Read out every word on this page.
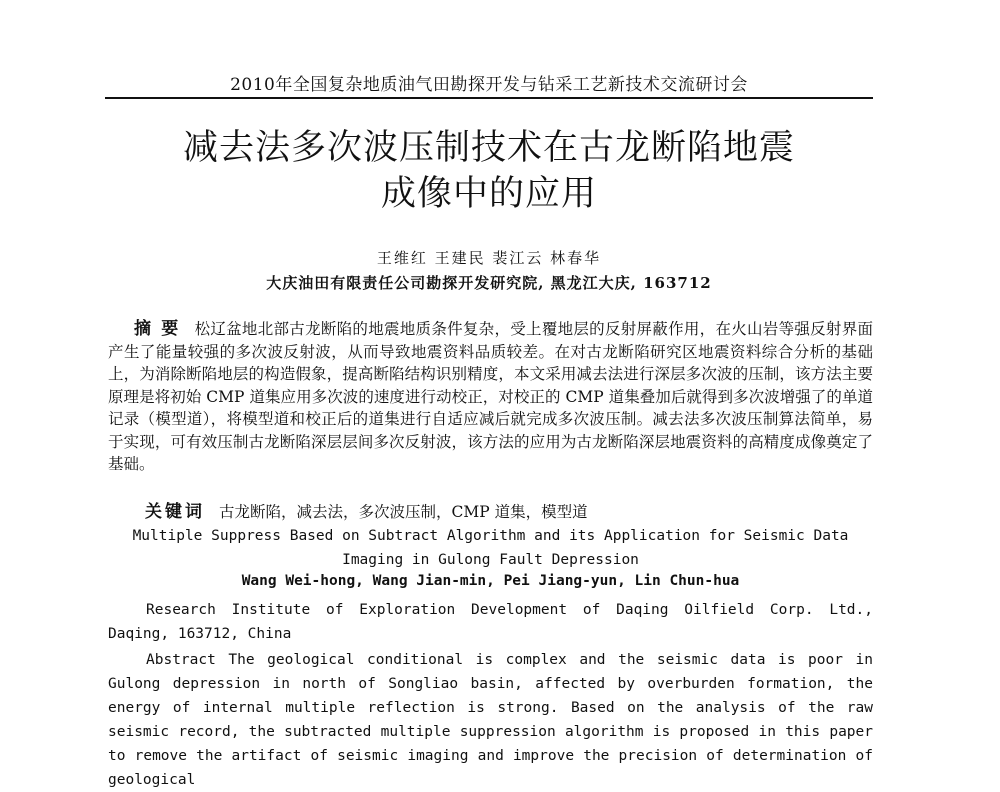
2010年全国复杂地质油气田勘探开发与钻采工艺新技术交流研讨会
减去法多次波压制技术在古龙断陷地震
成像中的应用
王维红 王建民 裴江云 林春华
大庆油田有限责任公司勘探开发研究院, 黑龙江大庆, 163712
摘要 松辽盆地北部古龙断陷的地震地质条件复杂，受上覆地层的反射屏蔽作用，在火山岩等强反射界面产生了能量较强的多次波反射波，从而导致地震资料品质较差。在对古龙断陷研究区地震资料综合分析的基础上，为消除断陷地层的构造假象，提高断陷结构识别精度，本文采用减去法进行深层多次波的压制，该方法主要原理是将初始 CMP 道集应用多次波的速度进行动校正，对校正的 CMP 道集叠加后就得到多次波增强了的单道记录（模型道），将模型道和校正后的道集进行自适应减后就完成多次波压制。减去法多次波压制算法简单，易于实现，可有效压制古龙断陷深层层间多次反射波，该方法的应用为古龙断陷深层地震资料的高精度成像奠定了基础。
关键词 古龙断陷，减去法，多次波压制，CMP 道集，模型道
Multiple Suppress Based on Subtract Algorithm and its Application for Seismic Data
Imaging in Gulong Fault Depression
Wang Wei-hong, Wang Jian-min, Pei Jiang-yun, Lin Chun-hua
Research Institute of Exploration Development of Daqing Oilfield Corp. Ltd., Daqing, 163712, China
Abstract The geological conditional is complex and the seismic data is poor in Gulong depression in north of Songliao basin, affected by overburden formation, the energy of internal multiple reflection is strong. Based on the analysis of the raw seismic record, the subtracted multiple suppression algorithm is proposed in this paper to remove the artifact of seismic imaging and improve the precision of determination of geological
